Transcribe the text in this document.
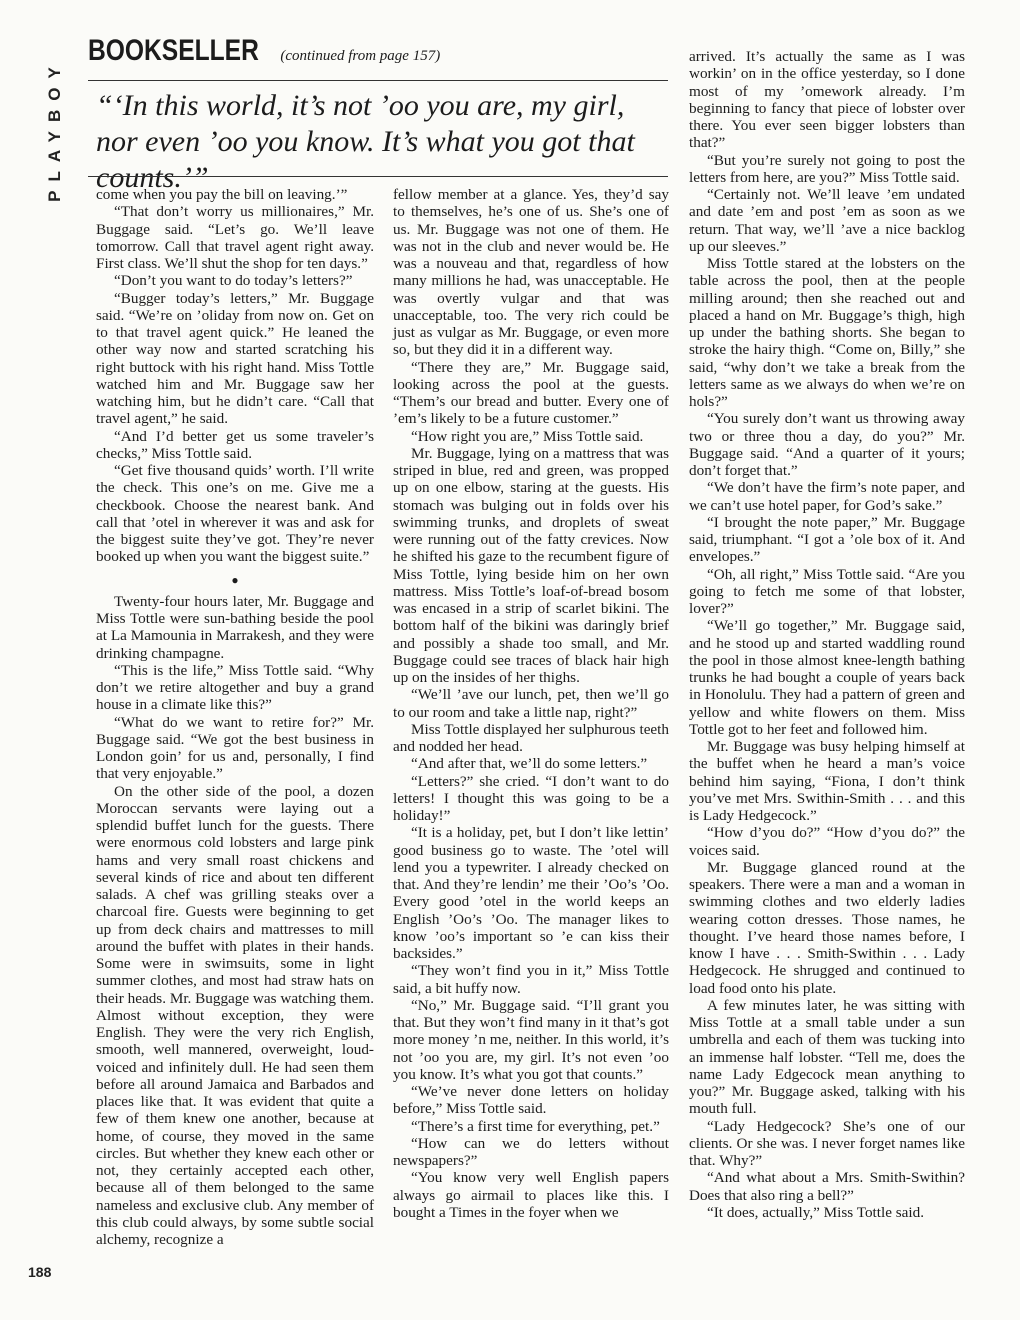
PLAYBOY
BOOKSELLER (continued from page 157)

“‘In this world, it’s not ’oo you are, my girl, nor even ’oo you know. It’s what you got that counts.’”

come when you pay the bill on leaving.’”

“That don’t worry us millionaires,” Mr. Buggage said. “Let’s go. We’ll leave tomorrow. Call that travel agent right away. First class. We’ll shut the shop for ten days.”

“Don’t you want to do today’s letters?”

“Bugger today’s letters,” Mr. Buggage said. “We’re on ’oliday from now on. Get on to that travel agent quick.” He leaned the other way now and started scratching his right buttock with his right hand. Miss Tottle watched him and Mr. Buggage saw her watching him, but he didn’t care. “Call that travel agent,” he said.

“And I’d better get us some traveler’s checks,” Miss Tottle said.

“Get five thousand quids’ worth. I’ll write the check. This one’s on me. Give me a checkbook. Choose the nearest bank. And call that ’otel in wherever it was and ask for the biggest suite they’ve got. They’re never booked up when you want the biggest suite.”

●

Twenty-four hours later, Mr. Buggage and Miss Tottle were sun-bathing beside the pool at La Mamounia in Marrakesh, and they were drinking champagne.

“This is the life,” Miss Tottle said. “Why don’t we retire altogether and buy a grand house in a climate like this?”

“What do we want to retire for?” Mr. Buggage said. “We got the best business in London goin’ for us and, personally, I find that very enjoyable.”

On the other side of the pool, a dozen Moroccan servants were laying out a splendid buffet lunch for the guests. There were enormous cold lobsters and large pink hams and very small roast chickens and several kinds of rice and about ten different salads. A chef was grilling steaks over a charcoal fire. Guests were beginning to get up from deck chairs and mattresses to mill around the buffet with plates in their hands. Some were in swimsuits, some in light summer clothes, and most had straw hats on their heads. Mr. Buggage was watching them. Almost without exception, they were English. They were the very rich English, smooth, well mannered, overweight, loud-voiced and infinitely dull. He had seen them before all around Jamaica and Barbados and places like that. It was evident that quite a few of them knew one another, because at home, of course, they moved in the same circles. But whether they knew each other or not, they certainly accepted each other, because all of them belonged to the same nameless and exclusive club. Any member of this club could always, by some subtle social alchemy, recognize a

fellow member at a glance. Yes, they’d say to themselves, he’s one of us. She’s one of us. Mr. Buggage was not one of them. He was not in the club and never would be. He was a nouveau and that, regardless of how many millions he had, was unacceptable. He was overtly vulgar and that was unacceptable, too. The very rich could be just as vulgar as Mr. Buggage, or even more so, but they did it in a different way.

“There they are,” Mr. Buggage said, looking across the pool at the guests. “Them’s our bread and butter. Every one of ’em’s likely to be a future customer.”

“How right you are,” Miss Tottle said.

Mr. Buggage, lying on a mattress that was striped in blue, red and green, was propped up on one elbow, staring at the guests. His stomach was bulging out in folds over his swimming trunks, and droplets of sweat were running out of the fatty crevices. Now he shifted his gaze to the recumbent figure of Miss Tottle, lying beside him on her own mattress. Miss Tottle’s loaf-of-bread bosom was encased in a strip of scarlet bikini. The bottom half of the bikini was daringly brief and possibly a shade too small, and Mr. Buggage could see traces of black hair high up on the insides of her thighs.

“We’ll ’ave our lunch, pet, then we’ll go to our room and take a little nap, right?”

Miss Tottle displayed her sulphurous teeth and nodded her head.

“And after that, we’ll do some letters.”

“Letters?” she cried. “I don’t want to do letters! I thought this was going to be a holiday!”

“It is a holiday, pet, but I don’t like lettin’ good business go to waste. The ’otel will lend you a typewriter. I already checked on that. And they’re lendin’ me their ’Oo’s ’Oo. Every good ’otel in the world keeps an English ’Oo’s ’Oo. The manager likes to know ’oo’s important so ’e can kiss their backsides.”

“They won’t find you in it,” Miss Tottle said, a bit huffy now.

“No,” Mr. Buggage said. “I’ll grant you that. But they won’t find many in it that’s got more money ’n me, neither. In this world, it’s not ’oo you are, my girl. It’s not even ’oo you know. It’s what you got that counts.”

“We’ve never done letters on holiday before,” Miss Tottle said.

“There’s a first time for everything, pet.”

“How can we do letters without newspapers?”

“You know very well English papers always go airmail to places like this. I bought a Times in the foyer when we

arrived. It’s actually the same as I was workin’ on in the office yesterday, so I done most of my ’omework already. I’m beginning to fancy that piece of lobster over there. You ever seen bigger lobsters than that?”

“But you’re surely not going to post the letters from here, are you?” Miss Tottle said.

“Certainly not. We’ll leave ’em undated and date ’em and post ’em as soon as we return. That way, we’ll ’ave a nice backlog up our sleeves.”

Miss Tottle stared at the lobsters on the table across the pool, then at the people milling around; then she reached out and placed a hand on Mr. Buggage’s thigh, high up under the bathing shorts. She began to stroke the hairy thigh. “Come on, Billy,” she said, “why don’t we take a break from the letters same as we always do when we’re on hols?”

“You surely don’t want us throwing away two or three thou a day, do you?” Mr. Buggage said. “And a quarter of it yours; don’t forget that.”

“We don’t have the firm’s note paper, and we can’t use hotel paper, for God’s sake.”

“I brought the note paper,” Mr. Buggage said, triumphant. “I got a ’ole box of it. And envelopes.”

“Oh, all right,” Miss Tottle said. “Are you going to fetch me some of that lobster, lover?”

“We’ll go together,” Mr. Buggage said, and he stood up and started waddling round the pool in those almost knee-length bathing trunks he had bought a couple of years back in Honolulu. They had a pattern of green and yellow and white flowers on them. Miss Tottle got to her feet and followed him.

Mr. Buggage was busy helping himself at the buffet when he heard a man’s voice behind him saying, “Fiona, I don’t think you’ve met Mrs. Swithin-Smith . . . and this is Lady Hedgecock.”

“How d’you do?” “How d’you do?” the voices said.

Mr. Buggage glanced round at the speakers. There were a man and a woman in swimming clothes and two elderly ladies wearing cotton dresses. Those names, he thought. I’ve heard those names before, I know I have . . . Smith-Swithin . . . Lady Hedgecock. He shrugged and continued to load food onto his plate.

A few minutes later, he was sitting with Miss Tottle at a small table under a sun umbrella and each of them was tucking into an immense half lobster. “Tell me, does the name Lady Edgecock mean anything to you?” Mr. Buggage asked, talking with his mouth full.

“Lady Hedgecock? She’s one of our clients. Or she was. I never forget names like that. Why?”

“And what about a Mrs. Smith-Swithin? Does that also ring a bell?”

“It does, actually,” Miss Tottle said.

188
